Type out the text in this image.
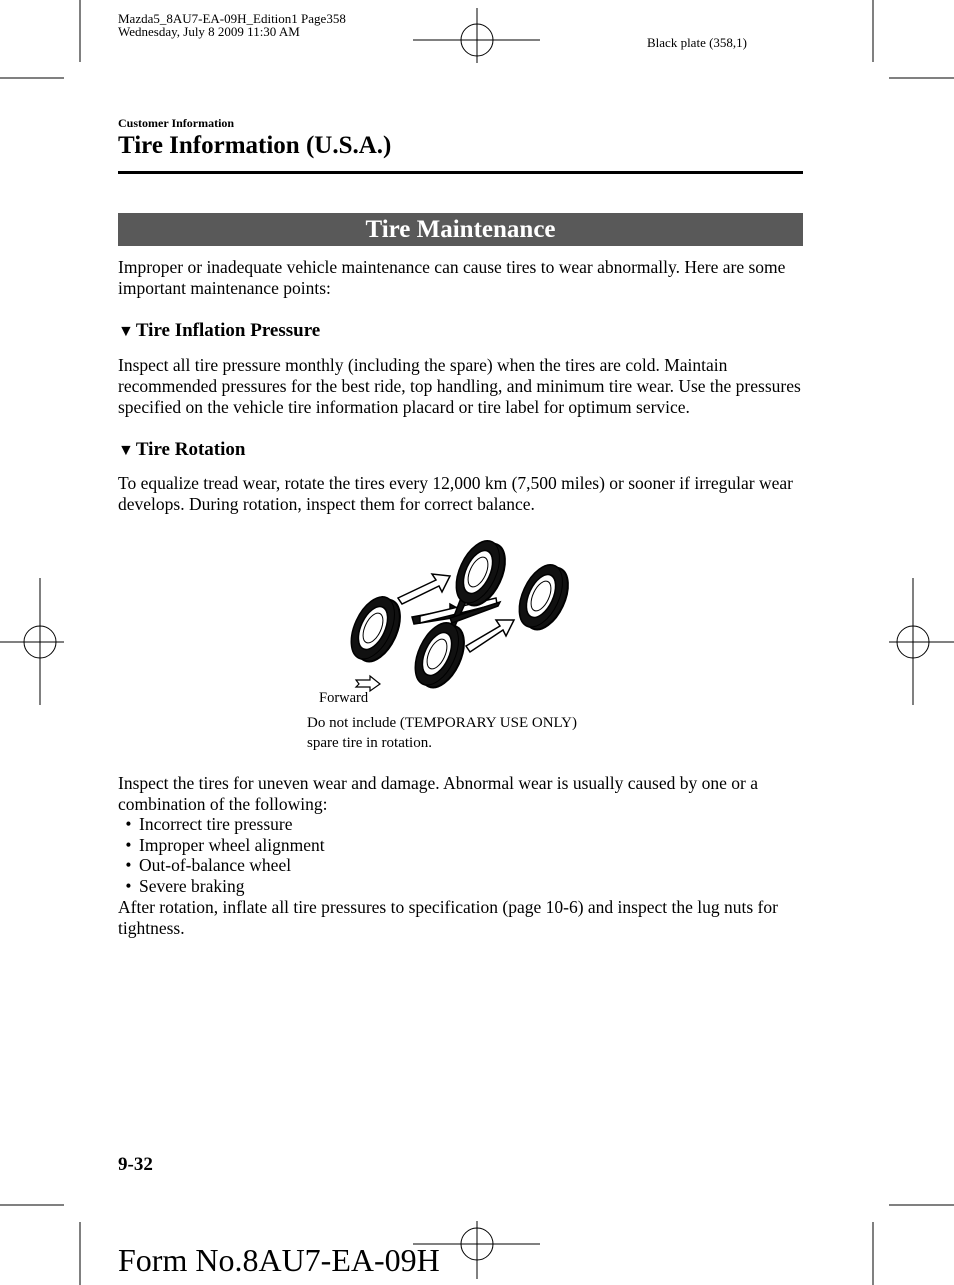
Mazda5_8AU7-EA-09H_Edition1 Page358
Wednesday, July 8 2009 11:30 AM
Black plate (358,1)
Customer Information
Tire Information (U.S.A.)
Tire Maintenance
Improper or inadequate vehicle maintenance can cause tires to wear abnormally. Here are some important maintenance points:
▼ Tire Inflation Pressure
Inspect all tire pressure monthly (including the spare) when the tires are cold. Maintain recommended pressures for the best ride, top handling, and minimum tire wear. Use the pressures specified on the vehicle tire information placard or tire label for optimum service.
▼ Tire Rotation
To equalize tread wear, rotate the tires every 12,000 km (7,500 miles) or sooner if irregular wear develops. During rotation, inspect them for correct balance.
Forward
Do not include (TEMPORARY USE ONLY)
spare tire in rotation.
Inspect the tires for uneven wear and damage. Abnormal wear is usually caused by one or a combination of the following:
• Incorrect tire pressure
• Improper wheel alignment
• Out-of-balance wheel
• Severe braking
After rotation, inflate all tire pressures to specification (page 10-6) and inspect the lug nuts for tightness.
9-32
Form No.8AU7-EA-09H
